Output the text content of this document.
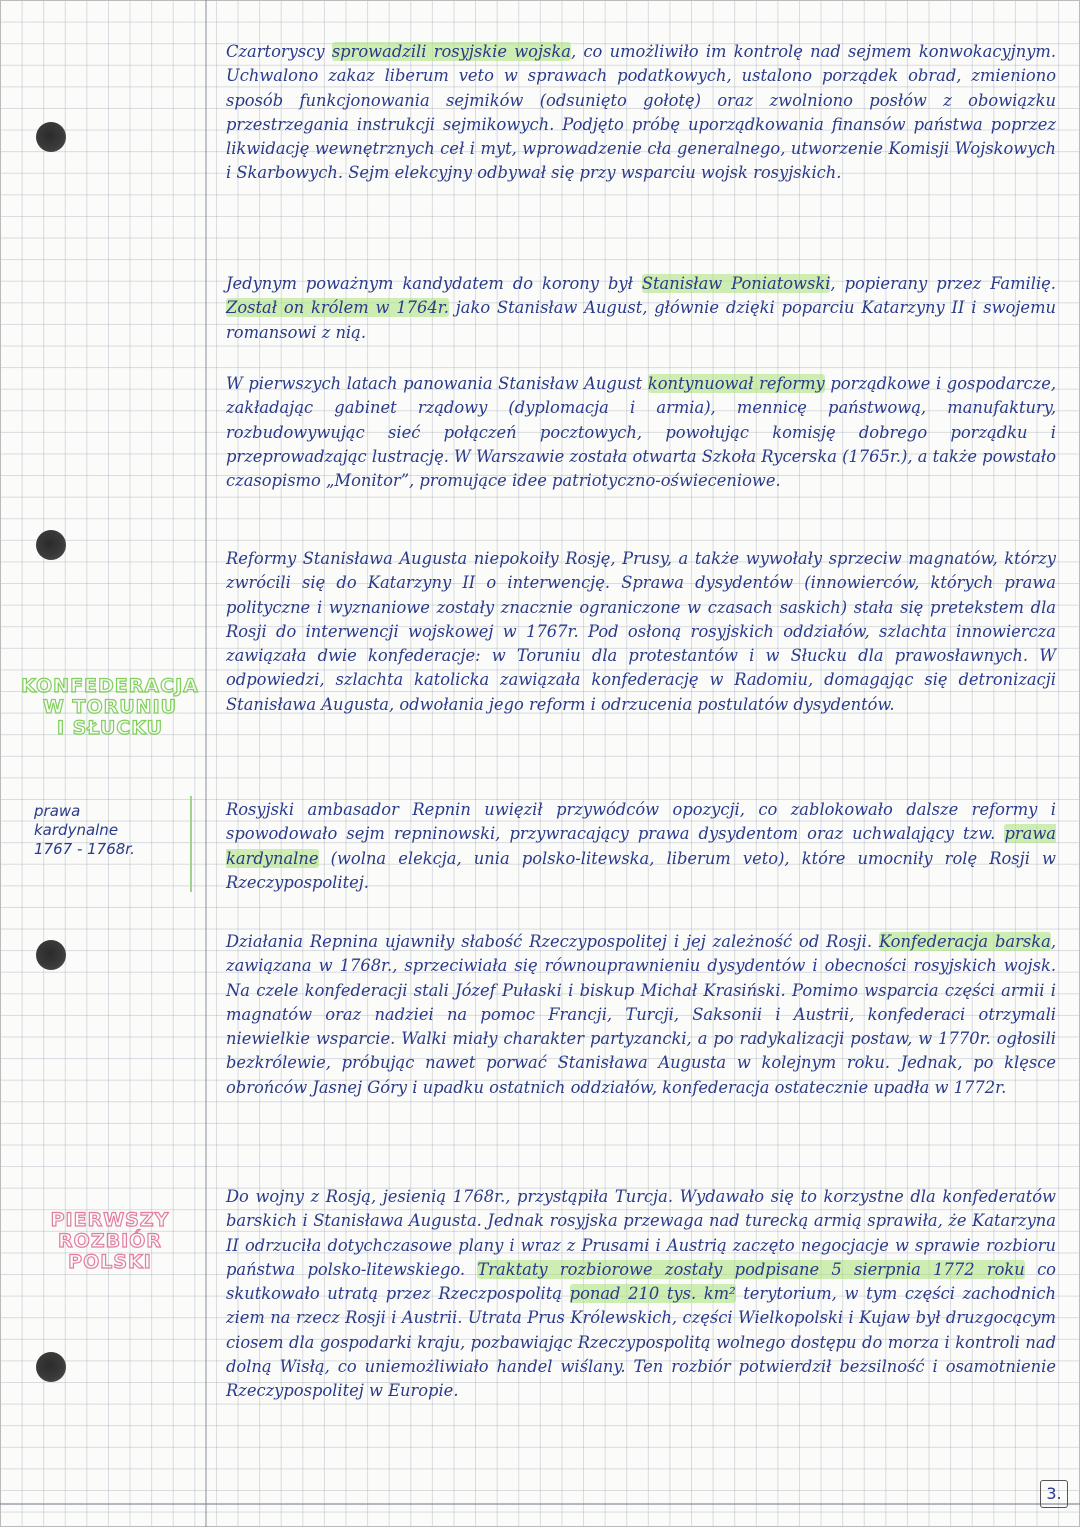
KONFEDERACJA
W TORUNIU
I SŁUCKU
prawa
kardynalne
1767 - 1768r.
PIERWSZY
ROZBIÓR
POLSKI

Czartoryscy sprowadzili rosyjskie wojska, co umożliwiło im kontrolę nad sejmem konwokacyjnym. Uchwalono zakaz liberum veto w sprawach podatkowych, ustalono porządek obrad, zmieniono sposób funkcjonowania sejmików (odsunięto gołotę) oraz zwolniono posłów z obowiązku przestrzegania instrukcji sejmikowych. Podjęto próbę uporządkowania finansów państwa poprzez likwidację wewnętrznych ceł i myt, wprowadzenie cła generalnego, utworzenie Komisji Wojskowych i Skarbowych. Sejm elekcyjny odbywał się przy wsparciu wojsk rosyjskich.

Jedynym poważnym kandydatem do korony był Stanisław Poniatowski, popierany przez Familię. Został on królem w 1764r. jako Stanisław August, głównie dzięki poparciu Katarzyny II i swojemu romansowi z nią.

W pierwszych latach panowania Stanisław August kontynuował reformy porządkowe i gospodarcze, zakładając gabinet rządowy (dyplomacja i armia), mennicę państwową, manufaktury, rozbudowywując sieć połączeń pocztowych, powołując komisję dobrego porządku i przeprowadzając lustrację. W Warszawie została otwarta Szkoła Rycerska (1765r.), a także powstało czasopismo „Monitor”, promujące idee patriotyczno-oświeceniowe.

Reformy Stanisława Augusta niepokoiły Rosję, Prusy, a także wywołały sprzeciw magnatów, którzy zwrócili się do Katarzyny II o interwencję. Sprawa dysydentów (innowierców, których prawa polityczne i wyznaniowe zostały znacznie ograniczone w czasach saskich) stała się pretekstem dla Rosji do interwencji wojskowej w 1767r. Pod osłoną rosyjskich oddziałów, szlachta innowiercza zawiązała dwie konfederacje: w Toruniu dla protestantów i w Słucku dla prawosławnych. W odpowiedzi, szlachta katolicka zawiązała konfederację w Radomiu, domagając się detronizacji Stanisława Augusta, odwołania jego reform i odrzucenia postulatów dysydentów.

Rosyjski ambasador Repnin uwięził przywódców opozycji, co zablokowało dalsze reformy i spowodowało sejm repninowski, przywracający prawa dysydentom oraz uchwalający tzw. prawa kardynalne (wolna elekcja, unia polsko-litewska, liberum veto), które umocniły rolę Rosji w Rzeczypospolitej.

Działania Repnina ujawniły słabość Rzeczypospolitej i jej zależność od Rosji. Konfederacja barska, zawiązana w 1768r., sprzeciwiała się równouprawnieniu dysydentów i obecności rosyjskich wojsk. Na czele konfederacji stali Józef Pułaski i biskup Michał Krasiński. Pomimo wsparcia części armii i magnatów oraz nadziei na pomoc Francji, Turcji, Saksonii i Austrii, konfederaci otrzymali niewielkie wsparcie. Walki miały charakter partyzancki, a po radykalizacji postaw, w 1770r. ogłosili bezkrólewie, próbując nawet porwać Stanisława Augusta w kolejnym roku. Jednak, po klęsce obrońców Jasnej Góry i upadku ostatnich oddziałów, konfederacja ostatecznie upadła w 1772r.

Do wojny z Rosją, jesienią 1768r., przystąpiła Turcja. Wydawało się to korzystne dla konfederatów barskich i Stanisława Augusta. Jednak rosyjska przewaga nad turecką armią sprawiła, że Katarzyna II odrzuciła dotychczasowe plany i wraz z Prusami i Austrią zaczęto negocjacje w sprawie rozbioru państwa polsko-litewskiego. Traktaty rozbiorowe zostały podpisane 5 sierpnia 1772 roku co skutkowało utratą przez Rzeczpospolitą ponad 210 tys. km² terytorium, w tym części zachodnich ziem na rzecz Rosji i Austrii. Utrata Prus Królewskich, części Wielkopolski i Kujaw był druzgocącym ciosem dla gospodarki kraju, pozbawiając Rzeczypospolitą wolnego dostępu do morza i kontroli nad dolną Wisłą, co uniemożliwiało handel wiślany. Ten rozbiór potwierdził bezsilność i osamotnienie Rzeczypospolitej w Europie.

3.
